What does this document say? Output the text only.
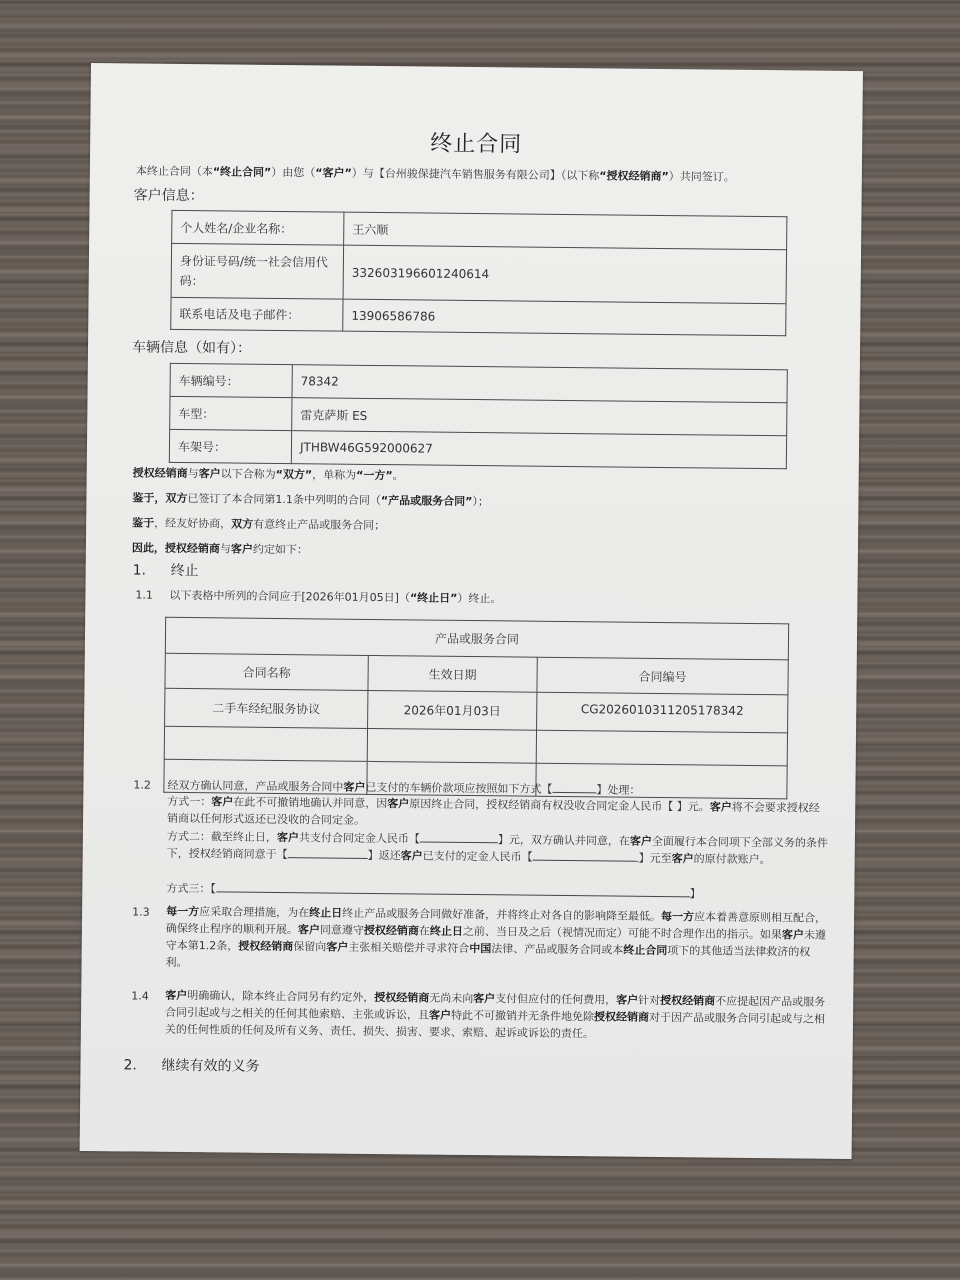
终止合同
本终止合同（本“终止合同”）由您（“客户”）与【台州骏保捷汽车销售服务有限公司】（以下称“授权经销商”）共同签订。
客户信息：
个人姓名/企业名称：	王六顺
身份证号码/统一社会信用代码：	332603196601240614
联系电话及电子邮件：	13906586786
车辆信息（如有）：
车辆编号：	78342
车型：	雷克萨斯 ES
车架号：	JTHBW46G592000627
授权经销商与客户以下合称为“双方”，单称为“一方”。
鉴于，双方已签订了本合同第1.1条中列明的合同（“产品或服务合同”）；
鉴于，经友好协商，双方有意终止产品或服务合同；
因此，授权经销商与客户约定如下：
1. 终止
1.1 以下表格中所列的合同应于[2026年01月05日]（“终止日”）终止。
产品或服务合同		
合同名称	生效日期	合同编号
二手车经纪服务协议	2026年01月03日	CG2026010311205178342

1.2 经双方确认同意，产品或服务合同中客户已支付的车辆价款项应按照如下方式【	】处理：
方式一：客户在此不可撤销地确认并同意，因客户原因终止合同，授权经销商有权没收合同定金人民币【 】元。客户将不会要求授权经销商以任何形式返还已没收的合同定金。
方式二：截至终止日，客户共支付合同定金人民币【	】元，双方确认并同意，在客户全面履行本合同项下全部义务的条件下，授权经销商同意于【	】返还客户已支付的定金人民币【	】元至客户的原付款账户。
方式三：【	】
1.3 每一方应采取合理措施，为在终止日终止产品或服务合同做好准备，并将终止对各自的影响降至最低。每一方应本着善意原则相互配合，确保终止程序的顺利开展。客户同意遵守授权经销商在终止日之前、当日及之后（视情况而定）可能不时合理作出的指示。如果客户未遵守本第1.2条，授权经销商保留向客户主张相关赔偿并寻求符合中国法律、产品或服务合同或本终止合同项下的其他适当法律救济的权利。
1.4 客户明确确认，除本终止合同另有约定外，授权经销商无尚未向客户支付但应付的任何费用，客户针对授权经销商不应提起因产品或服务合同引起或与之相关的任何其他索赔、主张或诉讼，且客户特此不可撤销并无条件地免除授权经销商对于因产品或服务合同引起或与之相关的任何性质的任何及所有义务、责任、损失、损害、要求、索赔、起诉或诉讼的责任。
2. 继续有效的义务
